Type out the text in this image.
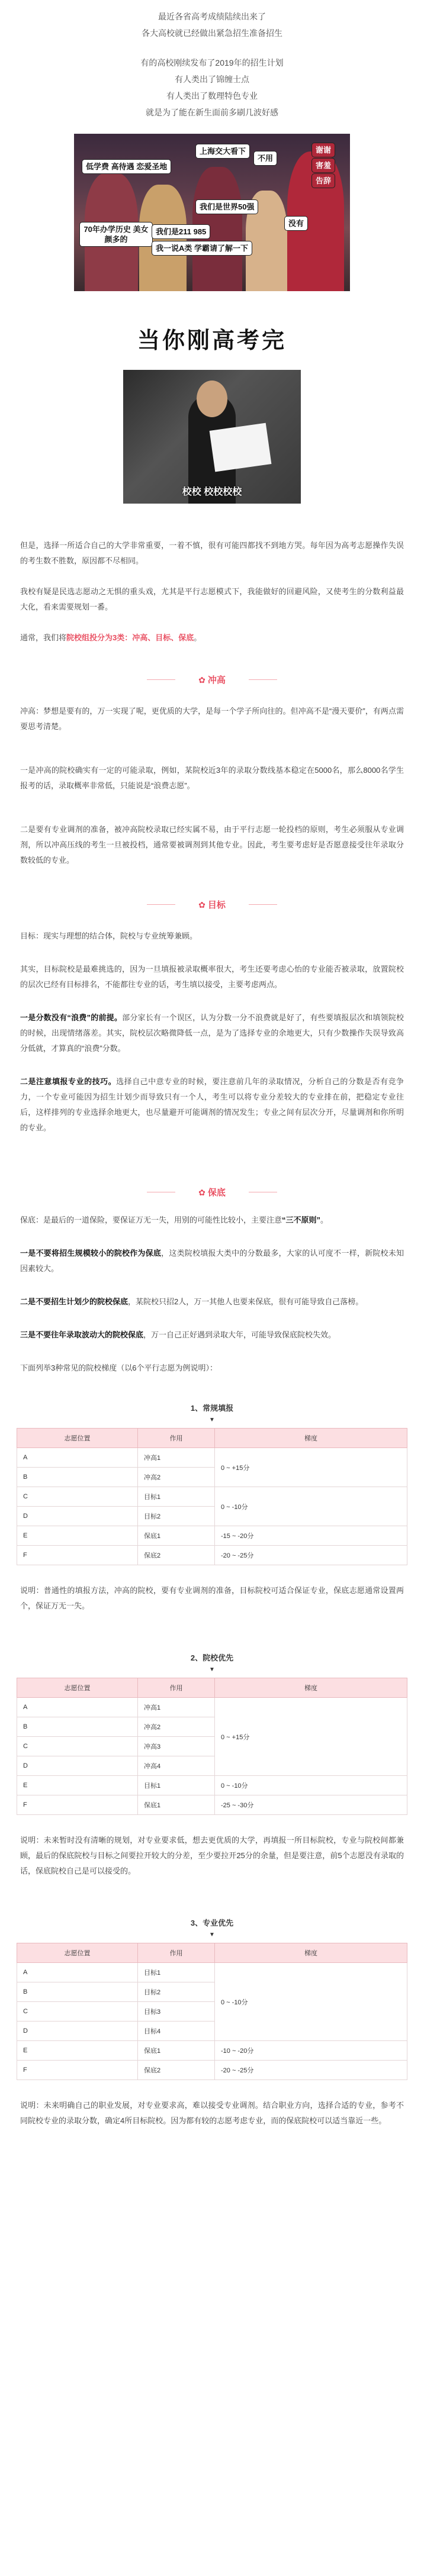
最近各省高考成绩陆续出来了

各大高校就已经做出紧急招生准备招生

有的高校刚续发布了2019年的招生计划

有人类出了锦缠士点

有人类出了数理特色专业

就是为了能在新生面前多刷几波好感

上海交大看下
低学费 高待遇 恋爱圣地
不用
谢谢
害羞
告辞
我们是世界50强
70年办学历史 美女颜多的
我们是211 985
我一说A类 学霸请了解一下
没有
当你刚高考完
校校 校校校校

但是，选择一所适合自己的大学非常重要，一着不慎，很有可能四都找不到地方哭。每年因为高考志愿操作失误的考生数不胜数，原因都不尽相同。

我校有疑是民选志愿动之无惧的重头戏，尤其是平行志愿模式下，我能做好的回避风险，又使考生的分数利益最大化，看来需要规划一番。

通常，我们将院校组投分为3类：冲高、目标、保底。

✿ 冲高

冲高：梦想是要有的，万一实现了呢，更优质的大学，是每一个学子所向往的。但冲高不是“漫天要价”，有两点需要思考清楚。

一是冲高的院校确实有一定的可能录取，例如，某院校近3年的录取分数线基本稳定在5000名，那么8000名学生报考的话，录取概率非常低，只能说是“浪费志愿”。

二是要有专业调剂的准备，被冲高院校录取已经实属不易，由于平行志愿一轮投档的原则，考生必须服从专业调剂，所以冲高压线的考生一旦被投档，通常要被调剂到其他专业。因此，考生要考虑好是否愿意接受往年录取分数较低的专业。

✿ 目标

目标：现实与理想的结合体，院校与专业统筹兼顾。

其实，目标院校是最难挑选的，因为一旦填报被录取概率很大，考生还要考虑心怡的专业能否被录取，放置院校的层次已经有目标排名，不能都往专业的话，考生填以接受，主要考虑两点。

一是分数没有“浪费”的前提。部分家长有一个误区，认为分数一分不浪费就是好了，有些要填报层次和填领院校的时候，出现情绪落差。其实，院校层次略微降低一点，是为了选择专业的余地更大，只有少数操作失误导致高分低就，才算真的“浪费”分数。

二是注意填报专业的技巧。选择自己中意专业的时候，要注意前几年的录取情况，分析自己的分数是否有竞争力，一个专业可能因为招生计划少而导致只有一个人，考生可以将专业分差较大的专业排在前，把稳定专业往后，这样排列的专业选择余地更大，也尽量避开可能调剂的情况发生；专业之间有层次分开，尽量调剂和你所明的专业。

✿ 保底

保底：是最后的一道保险，要保证万无一失，用别的可能性比较小，主要注意“三不原则”。

一是不要将招生规模较小的院校作为保底，这类院校填报大类中的分数最多，大家的认可度不一样，新院校未知因素较大。

二是不要招生计划少的院校保底，某院校只招2人，万一其他人也要来保底，很有可能导致自己落榜。

三是不要往年录取波动大的院校保底，万一自己正好遇到录取大年，可能导致保底院校失效。

下面列举3种常见的院校梯度（以6个平行志愿为例说明）：

1、常规填报
▼
志愿位置	作用	梯度
A	冲高1	0 ~ +15分
B	冲高2	
C	目标1	0 ~ -10分
D	目标2	
E	保底1	-15 ~ -20分
F	保底2	-20 ~ -25分

说明：普通性的填报方法，冲高的院校，要有专业调剂的准备，目标院校可适合保证专业，保底志愿通常设置两个，保证万无一失。

2、院校优先
▼
志愿位置	作用	梯度
A	冲高1	0 ~ +15分
B	冲高2	
C	冲高3	
D	冲高4	
E	目标1	0 ~ -10分
F	保底1	-25 ~ -30分

说明：未来暂时没有清晰的规划，对专业要求低，想去更优质的大学，再填报一所目标院校，专业与院校间都兼顾，最后的保底院校与目标之间要拉开较大的分差，至少要拉开25分的余量，但是要注意，前5个志愿没有录取的话，保底院校自己是可以接受的。

3、专业优先
▼
志愿位置	作用	梯度
A	目标1	0 ~ -10分
B	目标2	
C	目标3	
D	目标4	
E	保底1	-10 ~ -20分
F	保底2	-20 ~ -25分

说明：未来明确自己的职业发展，对专业要求高，难以接受专业调剂。结合职业方向，选择合适的专业，参考不同院校专业的录取分数，确定4所目标院校。因为都有较的志愿考虑专业，而的保底院校可以适当靠近一些。
